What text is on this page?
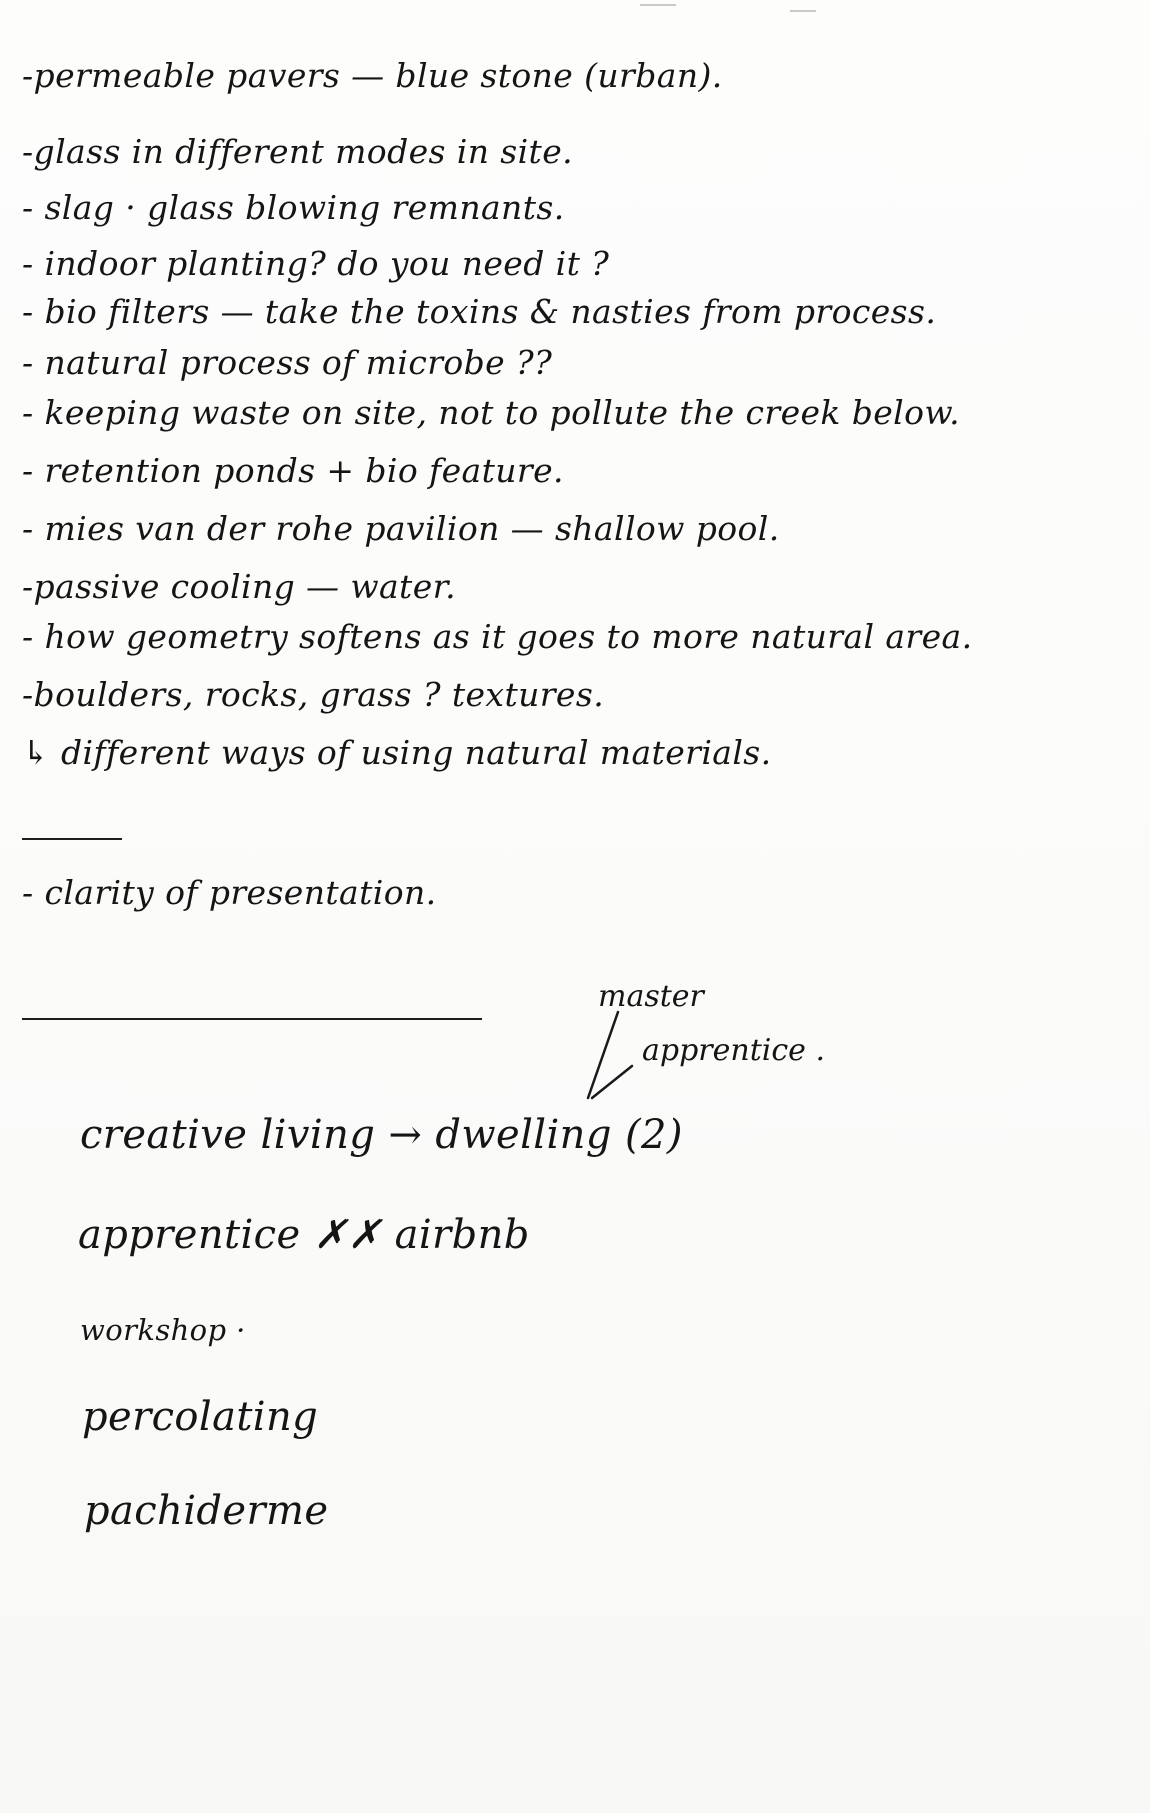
-permeable pavers — blue stone (urban).
-glass in different modes in site.
- slag · glass blowing remnants.
- indoor planting? do you need it ?
- bio filters — take the toxins & nasties from process.
- natural process of microbe ??
- keeping waste on site, not to pollute the creek below.
- retention ponds + bio feature.
- mies van der rohe pavilion — shallow pool.
-passive cooling — water.
- how geometry softens as it goes to more natural area.
-boulders, rocks, grass ? textures.
↳ different ways of using natural materials.
- clarity of presentation.
master
apprentice .
creative living → dwelling (2)
apprentice ✗✗ airbnb
workshop ·
percolating
pachiderme
